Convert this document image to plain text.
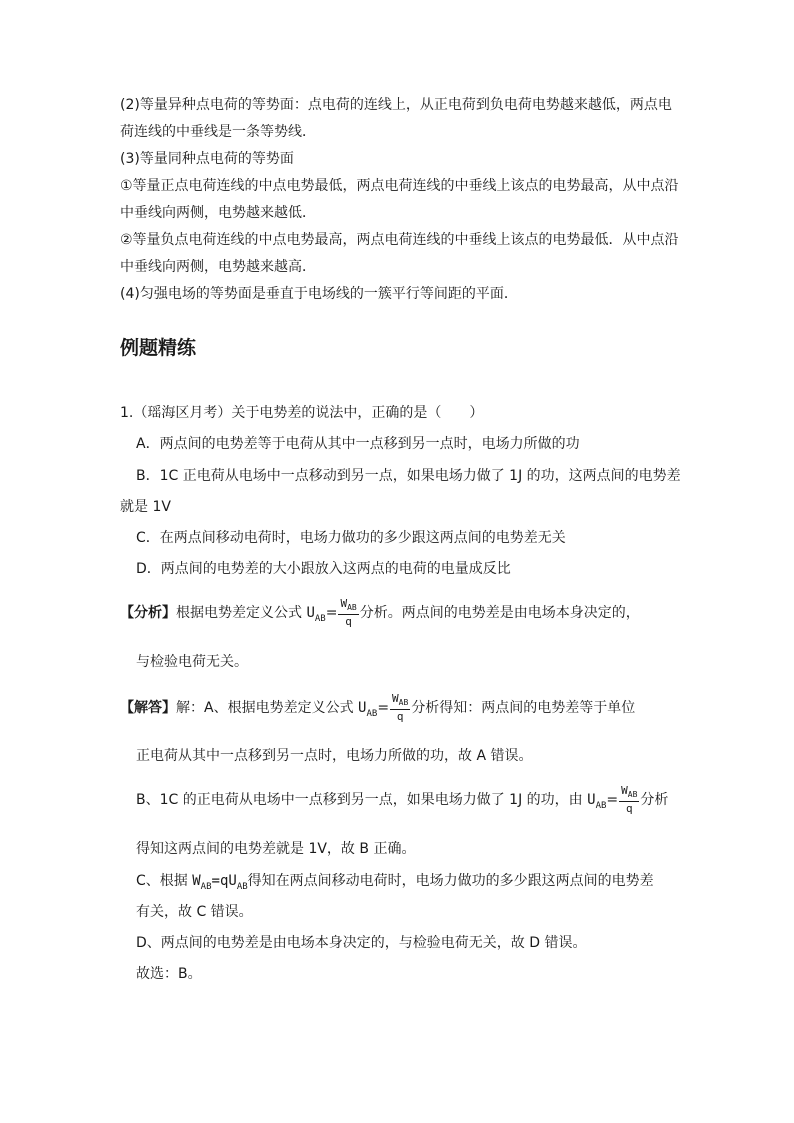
(2)等量异种点电荷的等势面：点电荷的连线上，从正电荷到负电荷电势越来越低，两点电
荷连线的中垂线是一条等势线．
(3)等量同种点电荷的等势面
①等量正点电荷连线的中点电势最低，两点电荷连线的中垂线上该点的电势最高，从中点沿
中垂线向两侧，电势越来越低．
②等量负点电荷连线的中点电势最高，两点电荷连线的中垂线上该点的电势最低．从中点沿
中垂线向两侧，电势越来越高．
(4)匀强电场的等势面是垂直于电场线的一簇平行等间距的平面．
例题精练
1.（瑶海区月考）关于电势差的说法中，正确的是（　　）
A．两点间的电势差等于电荷从其中一点移到另一点时，电场力所做的功
B．1C 正电荷从电场中一点移动到另一点，如果电场力做了 1J 的功，这两点间的电势差
就是 1V
C．在两点间移动电荷时，电场力做功的多少跟这两点间的电势差无关
D．两点间的电势差的大小跟放入这两点的电荷的电量成反比
【分析】根据电势差定义公式 $U_{AB}= \frac{W_{AB}}{q}$ 分析。两点间的电势差是由电场本身决定的，
与检验电荷无关。
【解答】解：A、根据电势差定义公式 $U_{AB}= \frac{W_{AB}}{q}$ 分析得知：两点间的电势差等于单位
正电荷从其中一点移到另一点时，电场力所做的功，故 A 错误。
B、1C 的正电荷从电场中一点移到另一点，如果电场力做了 1J 的功，由 $U_{AB}= \frac{W_{AB}}{q}$ 分析
得知这两点间的电势差就是 1V，故 B 正确。
C、根据 $W_{AB}=qU_{AB}$得知在两点间移动电荷时，电场力做功的多少跟这两点间的电势差
有关，故 C 错误。
D、两点间的电势差是由电场本身决定的，与检验电荷无关，故 D 错误。
故选：B。
